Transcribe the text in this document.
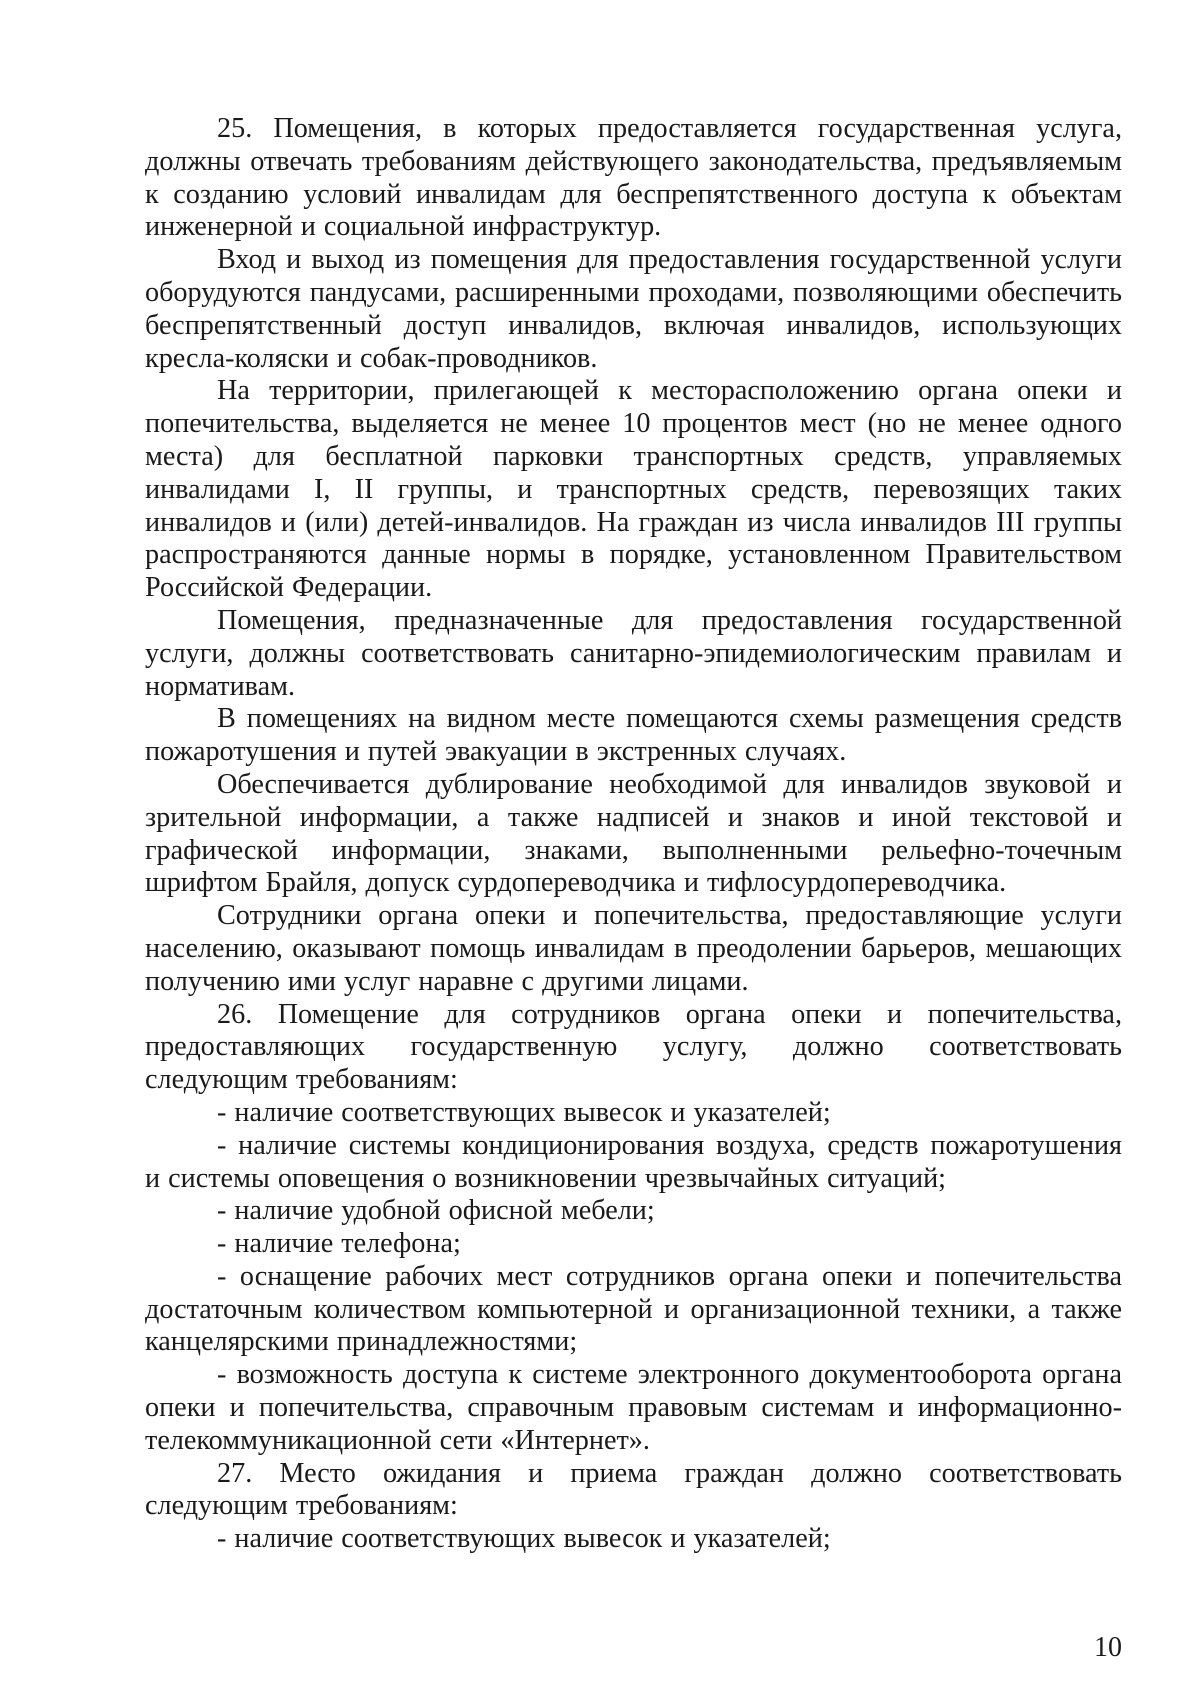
25. Помещения, в которых предоставляется государственная услуга, должны отвечать требованиям действующего законодательства, предъявляемым к созданию условий инвалидам для беспрепятственного доступа к объектам инженерной и социальной инфраструктур.

Вход и выход из помещения для предоставления государственной услуги оборудуются пандусами, расширенными проходами, позволяющими обеспечить беспрепятственный доступ инвалидов, включая инвалидов, использующих кресла-коляски и собак-проводников.

На территории, прилегающей к месторасположению органа опеки и попечительства, выделяется не менее 10 процентов мест (но не менее одного места) для бесплатной парковки транспортных средств, управляемых инвалидами I, II группы, и транспортных средств, перевозящих таких инвалидов и (или) детей-инвалидов. На граждан из числа инвалидов III группы распространяются данные нормы в порядке, установленном Правительством Российской Федерации.

Помещения, предназначенные для предоставления государственной услуги, должны соответствовать санитарно-эпидемиологическим правилам и нормативам.

В помещениях на видном месте помещаются схемы размещения средств пожаротушения и путей эвакуации в экстренных случаях.

Обеспечивается дублирование необходимой для инвалидов звуковой и зрительной информации, а также надписей и знаков и иной текстовой и графической информации, знаками, выполненными рельефно-точечным шрифтом Брайля, допуск сурдопереводчика и тифлосурдопереводчика.

Сотрудники органа опеки и попечительства, предоставляющие услуги населению, оказывают помощь инвалидам в преодолении барьеров, мешающих получению ими услуг наравне с другими лицами.

26. Помещение для сотрудников органа опеки и попечительства, предоставляющих государственную услугу, должно соответствовать следующим требованиям:

- наличие соответствующих вывесок и указателей;

- наличие системы кондиционирования воздуха, средств пожаротушения и системы оповещения о возникновении чрезвычайных ситуаций;

- наличие удобной офисной мебели;

- наличие телефона;

- оснащение рабочих мест сотрудников органа опеки и попечительства достаточным количеством компьютерной и организационной техники, а также канцелярскими принадлежностями;

- возможность доступа к системе электронного документооборота органа опеки и попечительства, справочным правовым системам и информационно-телекоммуникационной сети «Интернет».

27. Место ожидания и приема граждан должно соответствовать следующим требованиям:

- наличие соответствующих вывесок и указателей;

10
